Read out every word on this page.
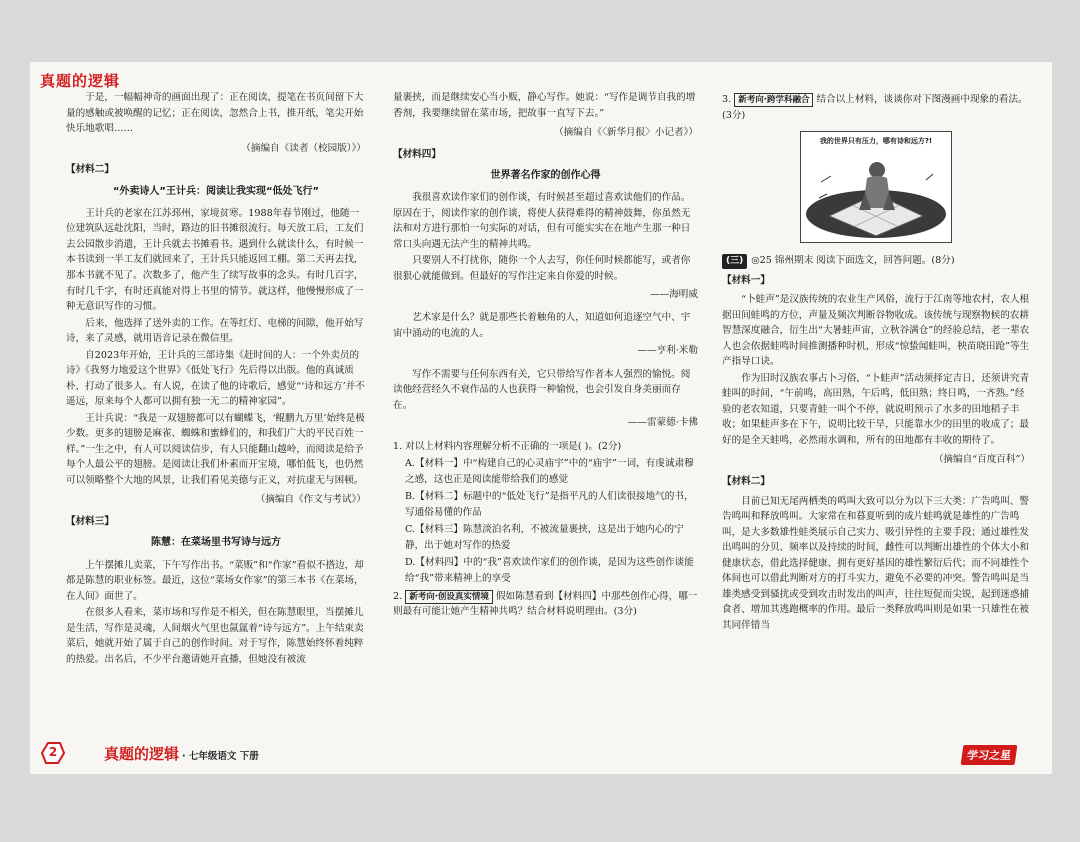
真题的逻辑

于是，一幅幅神奇的画面出现了：正在阅读，提笔在书页间留下大量的感触或被唤醒的记忆；正在阅读，忽然合上书，推开纸，笔尖开始快乐地歌唱……

（摘编自《读者（校园版）》）
【材料二】
“外卖诗人”王计兵：阅读让我实现“低处飞行”

王计兵的老家在江苏邳州，家境贫寒。1988年春节刚过，他随一位建筑队远赴沈阳，当时，路边的旧书摊很流行。每天放工后，工友们去公园散步消遣，王计兵就去书摊看书。遇到什么就读什么，有时候一本书读到一半工友们就回来了，王计兵只能返回工棚。第二天再去找，那本书就不见了。次数多了，他产生了续写故事的念头。有时几百字，有时几千字，有时还真能对得上书里的情节。就这样，他慢慢形成了一种无意识写作的习惯。

后来，他选择了送外卖的工作。在等红灯、电梯的间隙，他开始写诗，来了灵感，就用语音记录在微信里。

自2023年开始，王计兵的三部诗集《赶时间的人：一个外卖员的诗》《我努力地爱这个世界》《低处飞行》先后得以出版。他的真诚质朴，打动了很多人。有人说，在读了他的诗歌后，感觉“‘诗和远方’并不遥远，原来每个人都可以拥有独一无二的精神家园”。

王计兵说：“我是一双翅膀都可以有蝴蝶飞，‘鲲鹏九万里’始终是极少数。更多的翅膀是麻雀、蜘蛛和蜜蜂们的，和我们广大的平民百姓一样。”一生之中，有人可以阅读信步，有人只能翻山越岭，而阅读是给予每个人最公平的翅膀。是阅读让我们朴素而开宝境，哪怕低飞，也仍然可以领略整个大地的风景，让我们看见美德与正义，对抗虚无与困顿。

（摘编自《作文与考试》）
【材料三】
陈慧：在菜场里书写诗与远方

上午摆摊儿卖菜，下午写作出书。“菜贩”和“作家”看似不搭边，却都是陈慧的职业标签。最近，这位“菜场女作家”的第三本书《在菜场，在人间》面世了。

在很多人看来，菜市场和写作是不相关，但在陈慧眼里，当摆摊儿是生活，写作是灵魂，人间烟火气里也氤氲着“诗与远方”。上午结束卖菜后，她就开始了属于自己的创作时间。对于写作，陈慧始终怀着纯粹的热爱。出名后，不少平台邀请她开直播，但她没有被流

量裹挟，而是继续安心当小贩，静心写作。她说：“写作是调节自我的增香剂，我要继续留在菜市场，把故事一直写下去。”

（摘编自《〈新华月报〉小记者》）
【材料四】
世界著名作家的创作心得

我很喜欢读作家们的创作谈，有时候甚至超过喜欢读他们的作品。原因在于，阅读作家的创作谈，将使人获得难得的精神鼓舞，你虽然无法和对方进行那怕一句实际的对话，但有可能实实在在地产生那一种日常口头向遇无法产生的精神共鸣。

只要别人不打扰你，随你一个人去写，你任何时候都能写，或者你很狠心就能做到。但最好的写作注定来自你爱的时候。

——海明威

艺术家是什么？就是那些长着触角的人，知道如何追逐空气中、宇宙中涌动的电流的人。

——亨利·米勒

写作不需要与任何东西有关，它只带给写作者本人强烈的愉悦。阅读他经营经久不衰作品的人也获得一种愉悦，也会引发自身美丽而存在。

——雷蒙德·卡佛
1. 对以上材料内容理解分析不正确的一项是( )。(2分)
A.【材料一】中“构建自己的心灵庙宇”中的“庙宇”一词，有虔诚肃穆之感，这也正是阅读能带给我们的感觉
B.【材料二】标题中的“低处飞行”是指平凡的人们读很接地气的书，写通俗易懂的作品
C.【材料三】陈慧淡泊名利，不被流量裹挟，这是出于她内心的宁静，出于她对写作的热爱
D.【材料四】中的“我”喜欢读作家们的创作谈，是因为这些创作谈能给“我”带来精神上的享受
2. 新考向·创设真实情境 假如陈慧看到【材料四】中那些创作心得，哪一则最有可能让她产生精神共鸣？结合材料说明理由。(3分)
3. 新考向·跨学科融合 结合以上材料，谈谈你对下图漫画中现象的看法。(3分)
我的世界只有压力，哪有诗和远方?!
(三) ◎25 锦州期末 阅读下面选文，回答问题。(8分)
【材料一】

“卜蛙声”是汉族传统的农业生产风俗，流行于江南等地农村，农人根据田间蛙鸣的方位，声量及频次判断谷物收成。该传统与现察物候的农耕智慧深度融合，衍生出“大暑蛙声宙，立秋谷满仓”的经验总结，老一辈农人也会依据蛙鸣时间推测播种时机，形成“惊蛰闻蛙叫，秧苗晓田跄”等生产指导口诀。

作为旧时汉族农事占卜习俗，“卜蛙声”活动须择定吉日，还须讲究青蛙叫的时间，“午前鸣，高田熟，午后鸣，低田熟；终日鸣，一齐熟。”经验的老农知道，只要青蛙一叫个不停，就说明预示了水多的田地稻子丰收；如果蛙声多在下午，说明比较干旱，只能靠水少的田里的收成了；最好的是全天蛙鸣，必然雨水调和，所有的田地都有丰收的期待了。

（摘编自“百度百科”）
【材料二】

目前已知无尾两栖类的鸣叫大致可以分为以下三大类：广告鸣叫、警告鸣叫和释放鸣叫。大家常在和暮夏听到的成片蛙鸣就是雄性的广告鸣叫，是大多数雄性蛙类展示自己实力、吸引异性的主要手段；通过雄性发出鸣叫的分贝、频率以及持续的时间，雌性可以判断出雄性的个体大小和健康状态，借此选择健康、拥有更好基因的雄性繁衍后代；而不同雄性个体间也可以借此判断对方的打斗实力，避免不必要的冲突。警告鸣叫是当雄类感受到骚扰或受到攻击时发出的叫声，往往短促而尖锐，起到迷惑捕食者、增加其逃跑概率的作用。最后一类释放鸣叫则是如果一只雄性在被其同伴错当

2	真题的逻辑 · 七年级语文 下册	学习之星
